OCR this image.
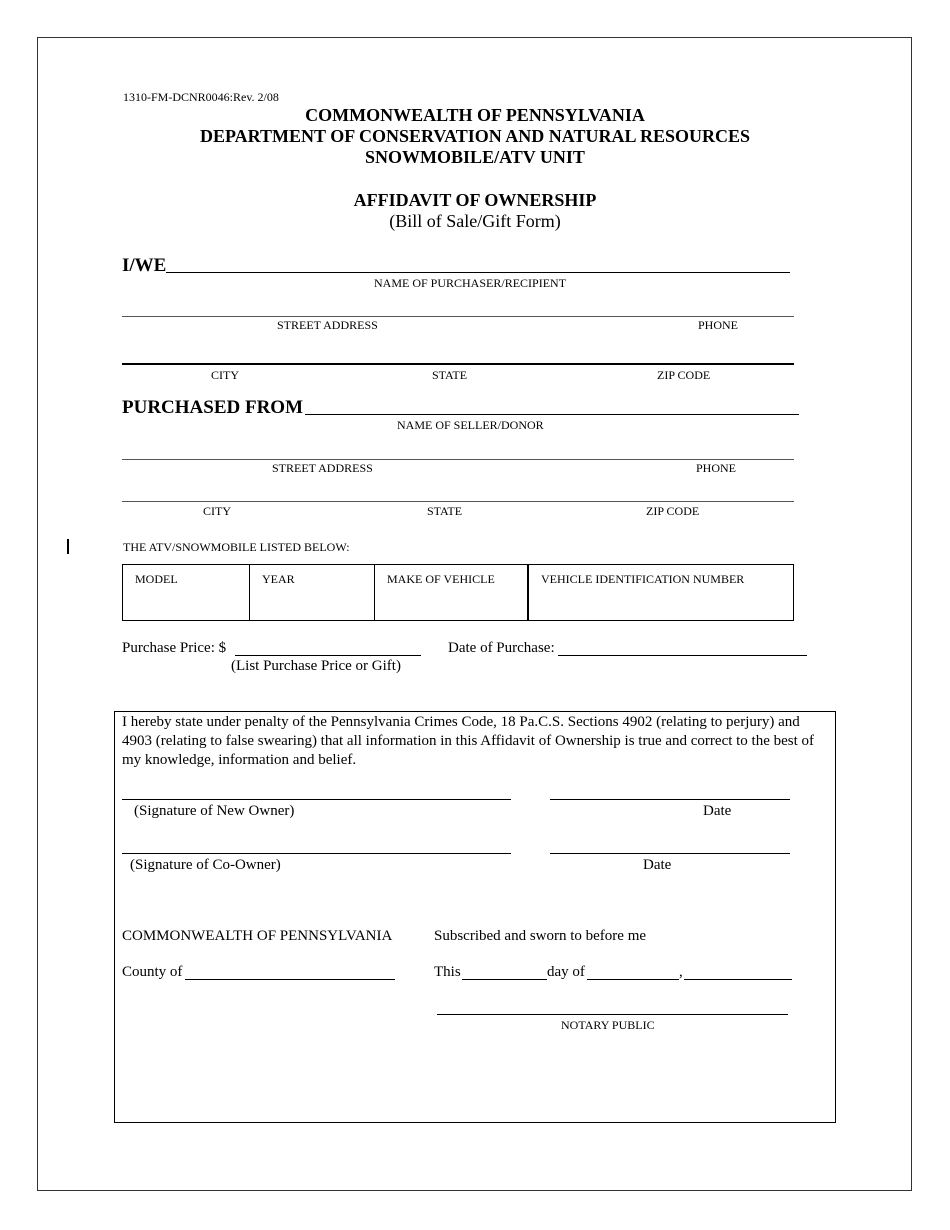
1310-FM-DCNR0046:Rev. 2/08
COMMONWEALTH OF PENNSYLVANIA
DEPARTMENT OF CONSERVATION AND NATURAL RESOURCES
SNOWMOBILE/ATV UNIT
AFFIDAVIT OF OWNERSHIP
(Bill of Sale/Gift Form)
I/WE
NAME OF PURCHASER/RECIPIENT
STREET ADDRESS	PHONE
CITY	STATE	ZIP CODE
PURCHASED FROM
NAME OF SELLER/DONOR
STREET ADDRESS	PHONE
CITY	STATE	ZIP CODE
THE ATV/SNOWMOBILE LISTED BELOW:
MODEL	YEAR	MAKE OF VEHICLE	VEHICLE IDENTIFICATION NUMBER
Purchase Price: $
(List Purchase Price or Gift)
Date of Purchase:
I hereby state under penalty of the Pennsylvania Crimes Code, 18 Pa.C.S. Sections 4902 (relating to perjury) and 4903 (relating to false swearing) that all information in this Affidavit of Ownership is true and correct to the best of my knowledge, information and belief.
(Signature of New Owner)	Date
(Signature of Co-Owner)	Date
COMMONWEALTH OF PENNSYLVANIA	Subscribed and sworn to before me
County of	This	day of	,
NOTARY PUBLIC
